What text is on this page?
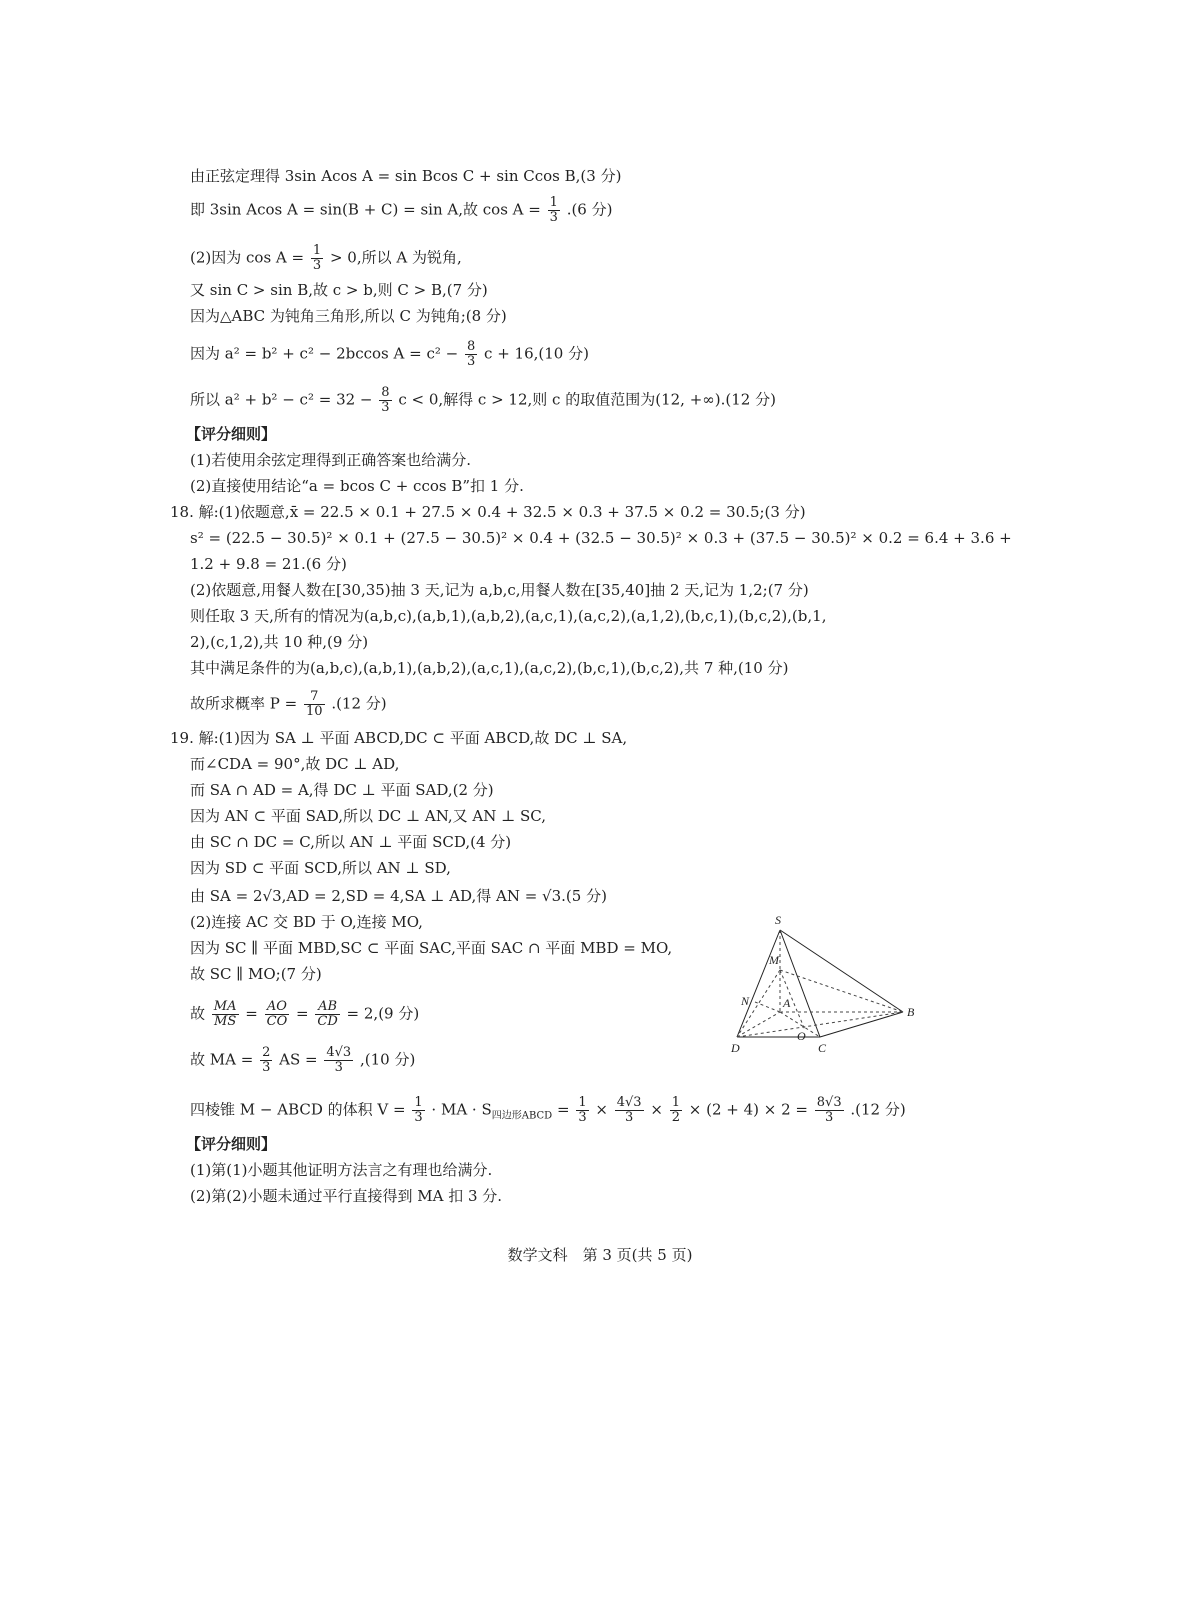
由正弦定理得 3sin Acos A = sin Bcos C + sin Ccos B,(3 分)
即 3sin Acos A = sin(B + C) = sin A,故 $\cos A = \frac{1}{3} .(6$ 分)
(2)因为 $\cos A = \frac{1}{3} > 0$,所以 A 为锐角,
又 sin C > sin B,故 c > b,则 C > B,(7 分)
因为△ABC 为钝角三角形,所以 C 为钝角;(8 分)
因为 a² = b² + c² − 2bccos $A = c^2 - \frac{8}{3}$ c + 16,(10 分)
所以 $a^2 + b^2 - c^2 = 32 - \frac{8}{3}$ c < 0,解得 c > 12,则 c 的取值范围为(12, +∞).(12 分)
【评分细则】
(1)若使用余弦定理得到正确答案也给满分.
(2)直接使用结论“a = bcos C + ccos B”扣 1 分.
18. 解:(1)依题意,x̄ = 22.5 × 0.1 + 27.5 × 0.4 + 32.5 × 0.3 + 37.5 × 0.2 = 30.5;(3 分)
s² = (22.5 − 30.5)² × 0.1 + (27.5 − 30.5)² × 0.4 + (32.5 − 30.5)² × 0.3 + (37.5 − 30.5)² × 0.2 = 6.4 + 3.6 +
1.2 + 9.8 = 21.(6 分)
(2)依题意,用餐人数在[30,35)抽 3 天,记为 a,b,c,用餐人数在[35,40]抽 2 天,记为 1,2;(7 分)
则任取 3 天,所有的情况为(a,b,c),(a,b,1),(a,b,2),(a,c,1),(a,c,2),(a,1,2),(b,c,1),(b,c,2),(b,1,
2),(c,1,2),共 10 种,(9 分)
其中满足条件的为(a,b,c),(a,b,1),(a,b,2),(a,c,1),(a,c,2),(b,c,1),(b,c,2),共 7 种,(10 分)
故所求概率 $P = \frac{7}{10} .(12$ 分)
19. 解:(1)因为 SA ⊥ 平面 ABCD,DC ⊂ 平面 ABCD,故 DC ⊥ SA,
而∠CDA = 90°,故 DC ⊥ AD,
而 SA ∩ AD = A,得 DC ⊥ 平面 SAD,(2 分)
因为 AN ⊂ 平面 SAD,所以 DC ⊥ AN,又 AN ⊥ SC,
由 SC ∩ DC = C,所以 AN ⊥ 平面 SCD,(4 分)
因为 SD ⊂ 平面 SCD,所以 AN ⊥ SD,
由 SA = 2√3,AD = 2,SD = 4,SA ⊥ AD,得 AN = √3.(5 分)
(2)连接 AC 交 BD 于 O,连接 MO,
因为 SC ∥ 平面 MBD,SC ⊂ 平面 SAC,平面 SAC ∩ 平面 MBD = MO,
故 SC ∥ MO;(7 分)
故 $\frac{MA}{MS} = \frac{AO}{CO} = \frac{AB}{CD} = 2,(9$ 分)
故 MA = $\frac{2}{3}$ AS = $\frac{4√3}{3} ,(10$ 分)
四棱锥 M − ABCD 的体积 $V = \frac{1}{3}$ · MA · $S_{四边形ABCD} = \frac{1}{3} \times \frac{4√3}{3} \times \frac{1}{2} \times (2 + 4) \times 2 = \frac{8√3}{3} .(12$ 分)
【评分细则】
(1)第(1)小题其他证明方法言之有理也给满分.
(2)第(2)小题未通过平行直接得到 MA 扣 3 分.
S
M
N	A
B
C
D
O
数学文科　第 3 页(共 5 页)
